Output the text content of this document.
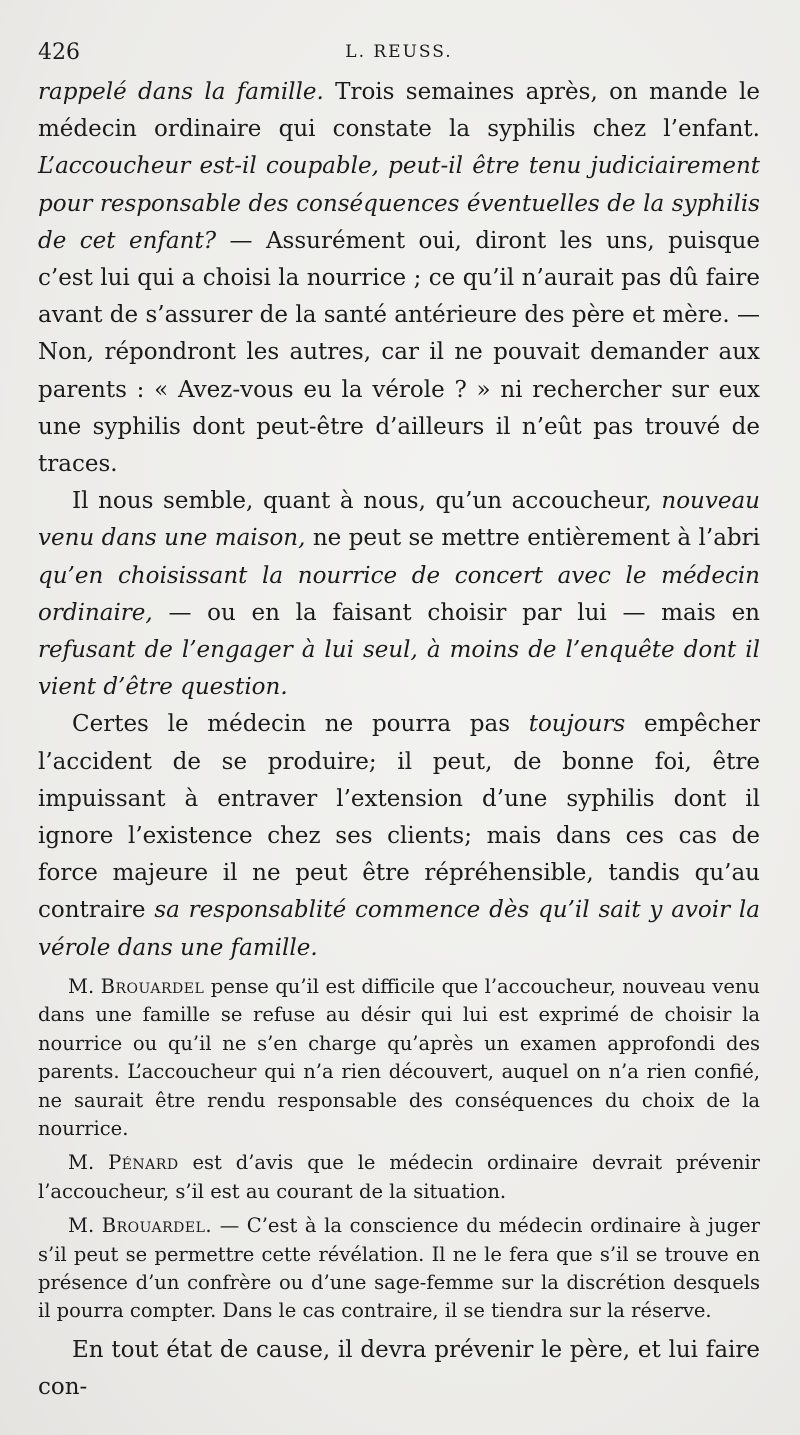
426	L. REUSS.

rappelé dans la famille. Trois semaines après, on mande le médecin ordinaire qui constate la syphilis chez l’enfant. L’accoucheur est-il coupable, peut-il être tenu judiciairement pour responsable des conséquences éventuelles de la syphilis de cet enfant? — Assurément oui, diront les uns, puisque c’est lui qui a choisi la nourrice ; ce qu’il n’aurait pas dû faire avant de s’assurer de la santé antérieure des père et mère. — Non, répondront les autres, car il ne pouvait demander aux parents : « Avez-vous eu la vérole ? » ni rechercher sur eux une syphilis dont peut-être d’ailleurs il n’eût pas trouvé de traces.

Il nous semble, quant à nous, qu’un accoucheur, nouveau venu dans une maison, ne peut se mettre entièrement à l’abri qu’en choisissant la nourrice de concert avec le médecin ordinaire, — ou en la faisant choisir par lui — mais en refusant de l’engager à lui seul, à moins de l’enquête dont il vient d’être question.

Certes le médecin ne pourra pas toujours empêcher l’accident de se produire; il peut, de bonne foi, être impuissant à entraver l’extension d’une syphilis dont il ignore l’existence chez ses clients; mais dans ces cas de force majeure il ne peut être répréhensible, tandis qu’au contraire sa responsablité commence dès qu’il sait y avoir la vérole dans une famille.

M. Brouardel pense qu’il est difficile que l’accoucheur, nouveau venu dans une famille se refuse au désir qui lui est exprimé de choisir la nourrice ou qu’il ne s’en charge qu’après un examen approfondi des parents. L’accoucheur qui n’a rien découvert, auquel on n’a rien confié, ne saurait être rendu responsable des conséquences du choix de la nourrice.

M. Pénard est d’avis que le médecin ordinaire devrait prévenir l’accoucheur, s’il est au courant de la situation.

M. Brouardel. — C’est à la conscience du médecin ordinaire à juger s’il peut se permettre cette révélation. Il ne le fera que s’il se trouve en présence d’un confrère ou d’une sage-femme sur la discrétion desquels il pourra compter. Dans le cas contraire, il se tiendra sur la réserve.

En tout état de cause, il devra prévenir le père, et lui faire con-
